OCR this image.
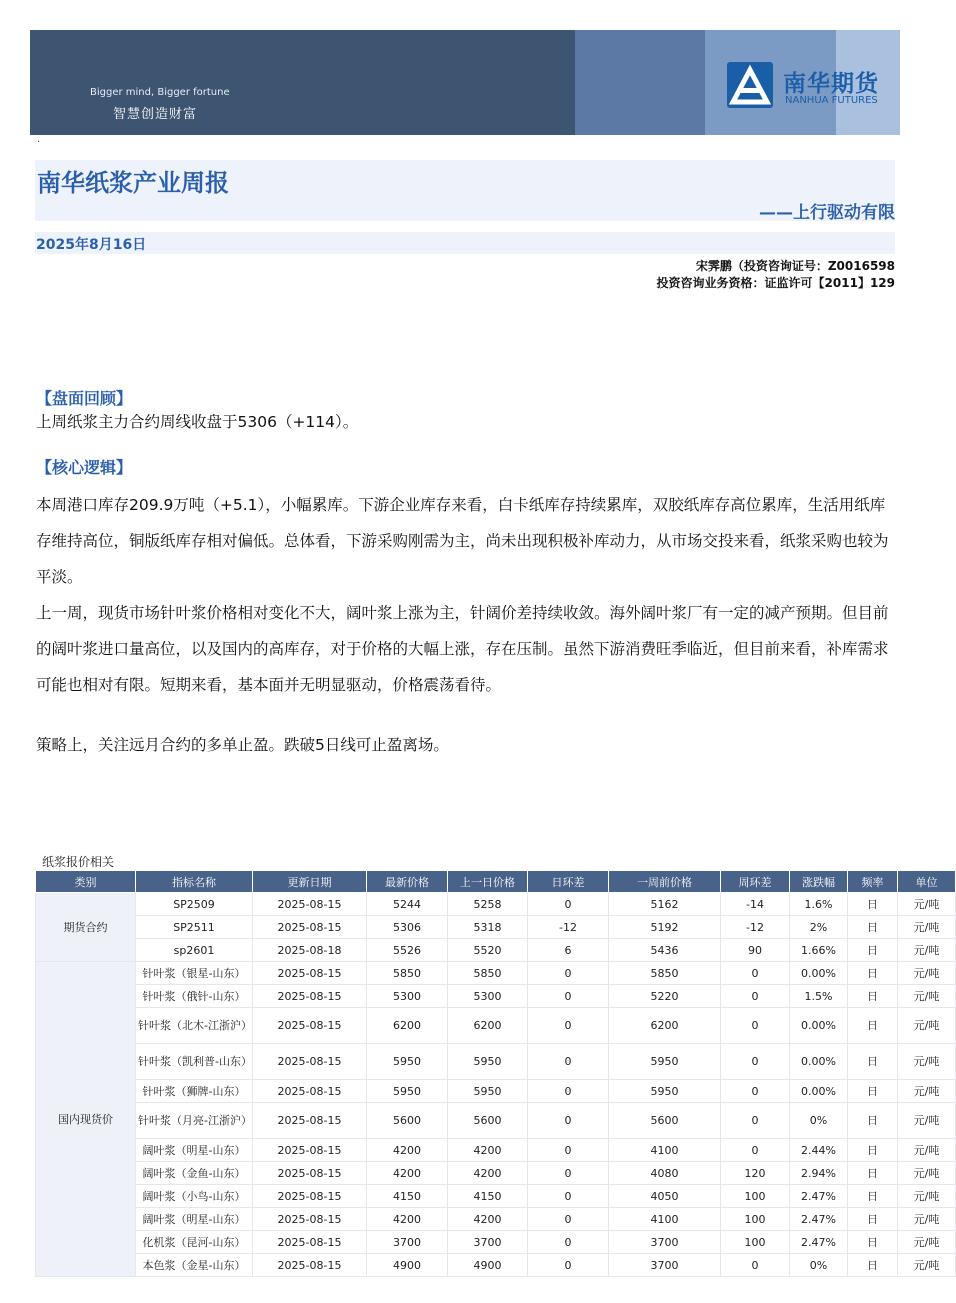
Bigger mind, Bigger fortune
智慧创造财富
南华期货
NANHUA FUTURES
·
南华纸浆产业周报
——上行驱动有限
2025年8月16日
宋霁鹏（投资咨询证号：Z0016598
投资咨询业务资格：证监许可【2011】129
【盘面回顾】
上周纸浆主力合约周线收盘于5306（+114）。
【核心逻辑】
本周港口库存209.9万吨（+5.1），小幅累库。下游企业库存来看，白卡纸库存持续累库，双胶纸库存高位累库，生活用纸库存维持高位，铜版纸库存相对偏低。总体看，下游采购刚需为主，尚未出现积极补库动力，从市场交投来看，纸浆采购也较为平淡。
上一周，现货市场针叶浆价格相对变化不大，阔叶浆上涨为主，针阔价差持续收敛。海外阔叶浆厂有一定的减产预期。但目前的阔叶浆进口量高位，以及国内的高库存，对于价格的大幅上涨，存在压制。虽然下游消费旺季临近，但目前来看，补库需求可能也相对有限。短期来看，基本面并无明显驱动，价格震荡看待。
策略上，关注远月合约的多单止盈。跌破5日线可止盈离场。
纸浆报价相关
类别	指标名称	更新日期	最新价格	上一日价格	日环差	一周前价格	周环差	涨跌幅	频率	单位
期货合约	SP2509	2025-08-15	5244	5258	0	5162	-14	1.6%	日	元/吨
	SP2511	2025-08-15	5306	5318	-12	5192	-12	2%	日	元/吨
	sp2601	2025-08-18	5526	5520	6	5436	90	1.66%	日	元/吨
国内现货价	针叶浆（银星-山东）	2025-08-15	5850	5850	0	5850	0	0.00%	日	元/吨
	针叶浆（俄针-山东）	2025-08-15	5300	5300	0	5220	0	1.5%	日	元/吨
	针叶浆（北木-江浙沪）	2025-08-15	6200	6200	0	6200	0	0.00%	日	元/吨
	针叶浆（凯利普-山东）	2025-08-15	5950	5950	0	5950	0	0.00%	日	元/吨
	针叶浆（狮牌-山东）	2025-08-15	5950	5950	0	5950	0	0.00%	日	元/吨
	针叶浆（月亮-江浙沪）	2025-08-15	5600	5600	0	5600	0	0%	日	元/吨
	阔叶浆（明星-山东）	2025-08-15	4200	4200	0	4100	0	2.44%	日	元/吨
	阔叶浆（金鱼-山东）	2025-08-15	4200	4200	0	4080	120	2.94%	日	元/吨
	阔叶浆（小鸟-山东）	2025-08-15	4150	4150	0	4050	100	2.47%	日	元/吨
	阔叶浆（明星-山东）	2025-08-15	4200	4200	0	4100	100	2.47%	日	元/吨
	化机浆（昆河-山东）	2025-08-15	3700	3700	0	3700	100	2.47%	日	元/吨
	本色浆（金星-山东）	2025-08-15	4900	4900	0	3700	0	0%	日	元/吨
